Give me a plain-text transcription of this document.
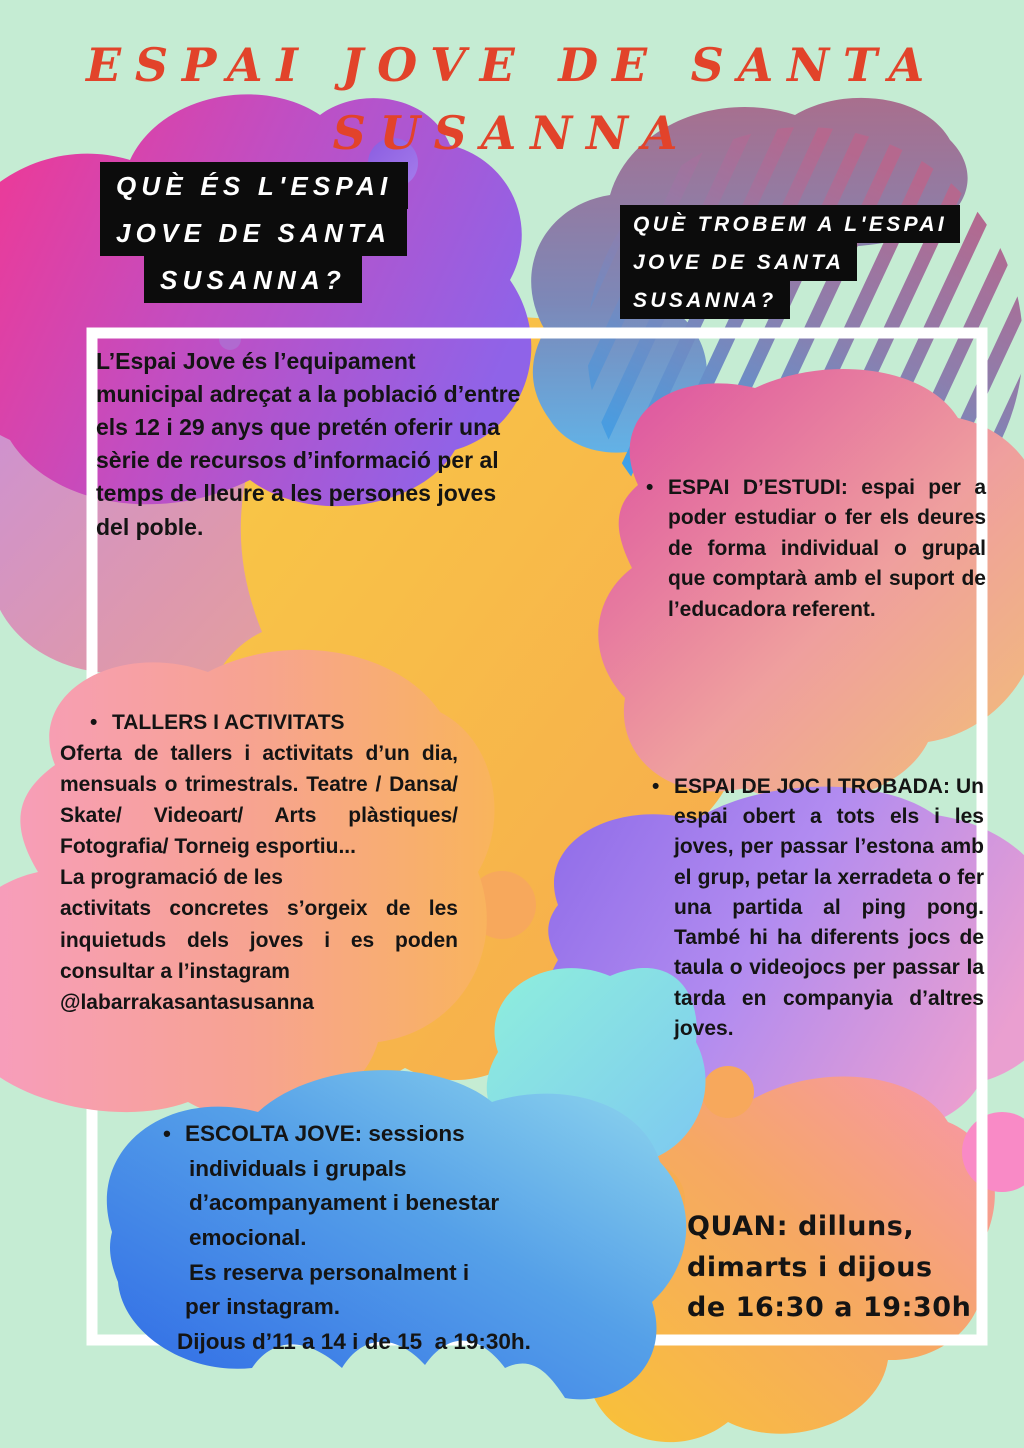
ESPAI JOVE DE SANTA
SUSANNA
QUÈ ÉS L'ESPAI
JOVE DE SANTA
SUSANNA?
QUÈ TROBEM A L'ESPAI
JOVE DE SANTA
SUSANNA?
L’Espai Jove és l’equipament municipal adreçat a la població d’entre els 12 i 29 anys que pretén oferir una sèrie de recursos d’informació per al temps de lleure a les persones joves del poble.
• ESPAI D’ESTUDI: espai per a poder estudiar o fer els deures de forma individual o grupal que comptarà amb el suport de l’educadora referent.
• TALLERS I ACTIVITATS
Oferta de tallers i activitats d’un dia, mensuals o trimestrals. Teatre / Dansa/ Skate/ Videoart/ Arts plàstiques/ Fotografia/ Torneig esportiu...
La programació de les
activitats concretes s’orgeix de les inquietuds dels joves i es poden consultar a l’instagram
@labarrakasantasusanna
• ESPAI DE JOC I TROBADA: Un espai obert a tots els i les joves, per passar l’estona amb el grup, petar la xerradeta o fer una partida al ping pong. També hi ha diferents jocs de taula o videojocs per passar la tarda en companyia d’altres joves.
• ESCOLTA JOVE: sessions
individuals i grupals
d’acompanyament i benestar
emocional.
Es reserva personalment i
per instagram.
Dijous d’11 a 14 i de 15  a 19:30h.
QUAN: dilluns,
dimarts i dijous
de 16:30 a 19:30h
